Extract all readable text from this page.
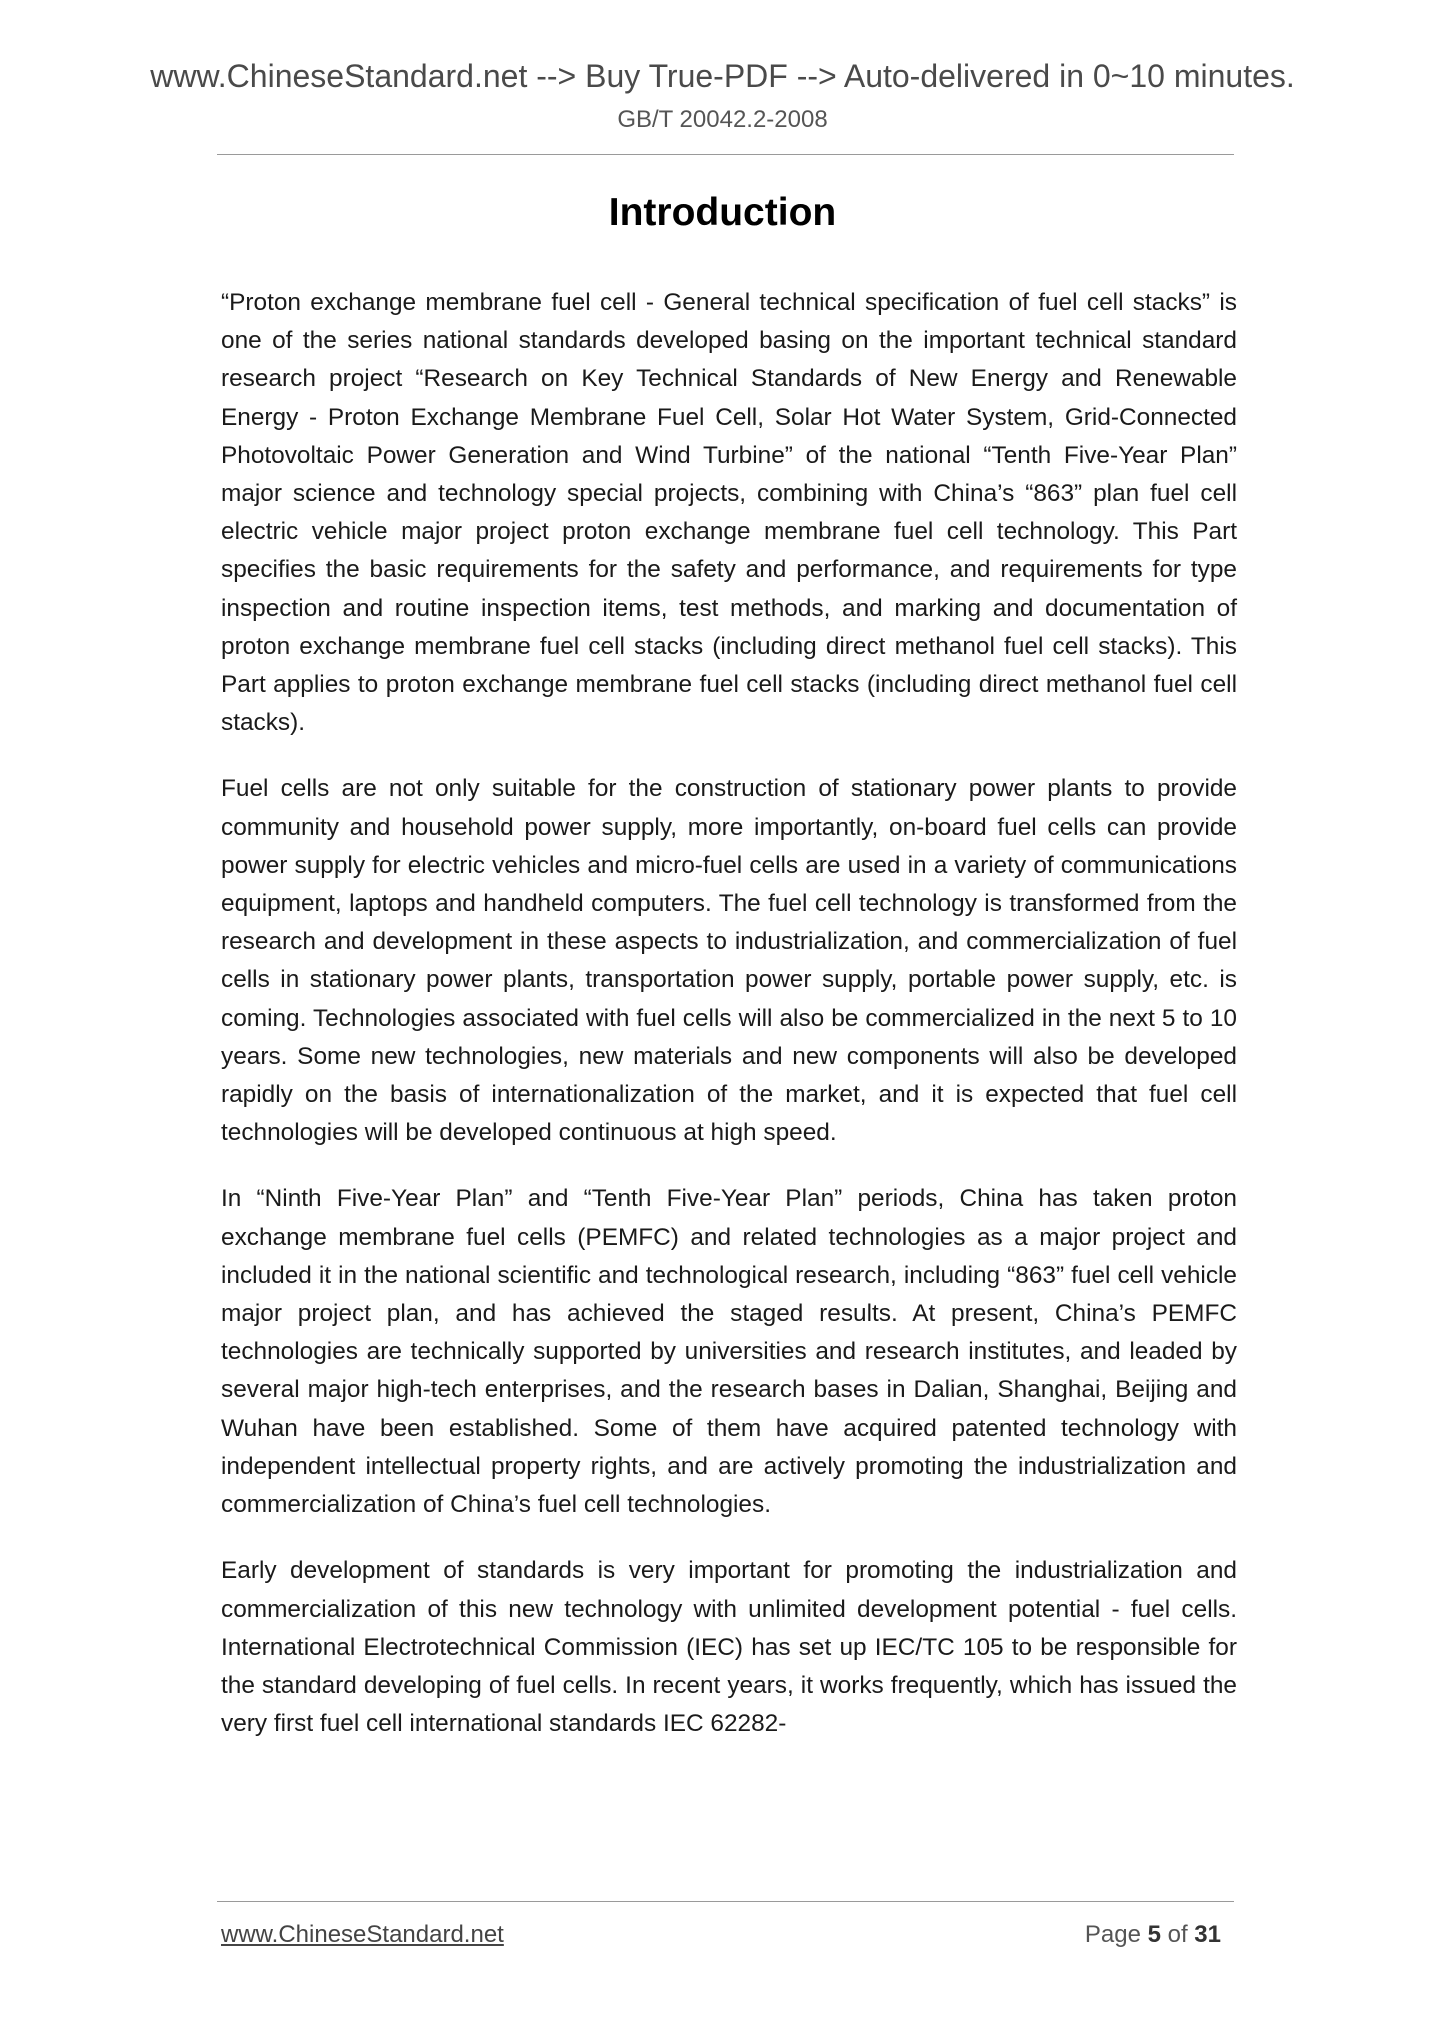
www.ChineseStandard.net --> Buy True-PDF --> Auto-delivered in 0~10 minutes.
GB/T 20042.2-2008
Introduction

“Proton exchange membrane fuel cell - General technical specification of fuel cell stacks” is one of the series national standards developed basing on the important technical standard research project “Research on Key Technical Standards of New Energy and Renewable Energy - Proton Exchange Membrane Fuel Cell, Solar Hot Water System, Grid-Connected Photovoltaic Power Generation and Wind Turbine” of the national “Tenth Five-Year Plan” major science and technology special projects, combining with China’s “863” plan fuel cell electric vehicle major project proton exchange membrane fuel cell technology. This Part specifies the basic requirements for the safety and performance, and requirements for type inspection and routine inspection items, test methods, and marking and documentation of proton exchange membrane fuel cell stacks (including direct methanol fuel cell stacks). This Part applies to proton exchange membrane fuel cell stacks (including direct methanol fuel cell stacks).

Fuel cells are not only suitable for the construction of stationary power plants to provide community and household power supply, more importantly, on-board fuel cells can provide power supply for electric vehicles and micro-fuel cells are used in a variety of communications equipment, laptops and handheld computers. The fuel cell technology is transformed from the research and development in these aspects to industrialization, and commercialization of fuel cells in stationary power plants, transportation power supply, portable power supply, etc. is coming. Technologies associated with fuel cells will also be commercialized in the next 5 to 10 years. Some new technologies, new materials and new components will also be developed rapidly on the basis of internationalization of the market, and it is expected that fuel cell technologies will be developed continuous at high speed.

In “Ninth Five-Year Plan” and “Tenth Five-Year Plan” periods, China has taken proton exchange membrane fuel cells (PEMFC) and related technologies as a major project and included it in the national scientific and technological research, including “863” fuel cell vehicle major project plan, and has achieved the staged results. At present, China’s PEMFC technologies are technically supported by universities and research institutes, and leaded by several major high-tech enterprises, and the research bases in Dalian, Shanghai, Beijing and Wuhan have been established. Some of them have acquired patented technology with independent intellectual property rights, and are actively promoting the industrialization and commercialization of China’s fuel cell technologies.

Early development of standards is very important for promoting the industrialization and commercialization of this new technology with unlimited development potential - fuel cells. International Electrotechnical Commission (IEC) has set up IEC/TC 105 to be responsible for the standard developing of fuel cells. In recent years, it works frequently, which has issued the very first fuel cell international standards IEC 62282-

www.ChineseStandard.net	Page 5 of 31
